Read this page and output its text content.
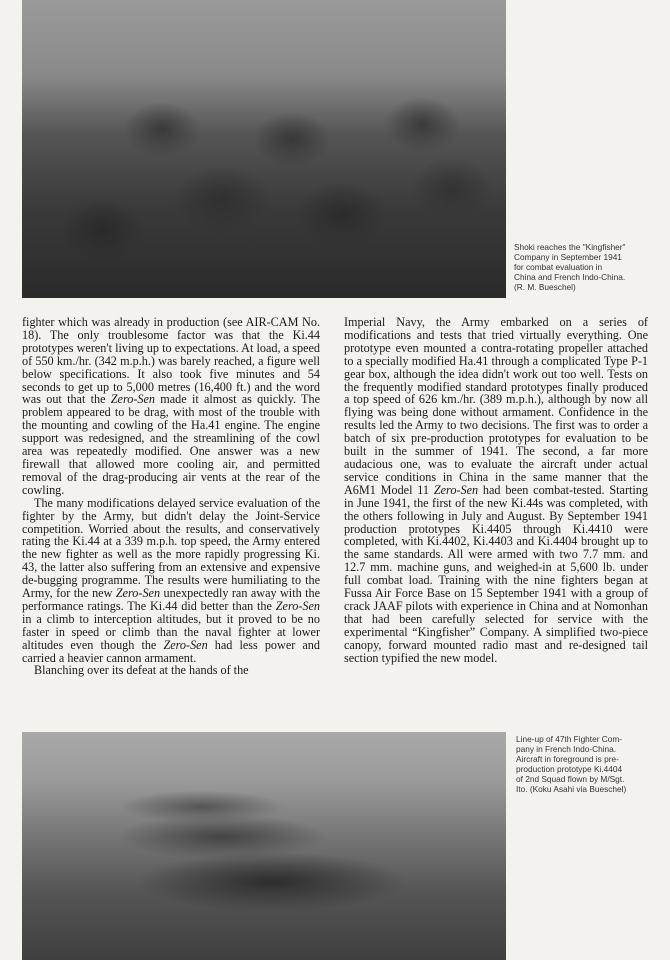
Shoki reaches the "Kingfisher"
Company in September 1941
for combat evaluation in
China and French Indo-China.
(R. M. Bueschel)

fighter which was already in production (see AIR-CAM No. 18). The only troublesome factor was that the Ki.44 prototypes weren't living up to expectations. At load, a speed of 550 km./hr. (342 m.p.h.) was barely reached, a figure well below specifications. It also took five minutes and 54 seconds to get up to 5,000 metres (16,400 ft.) and the word was out that the Zero-Sen made it almost as quickly. The problem appeared to be drag, with most of the trouble with the mounting and cowling of the Ha.41 engine. The engine support was redesigned, and the streamlining of the cowl area was repeatedly modified. One answer was a new firewall that allowed more cooling air, and permitted removal of the drag-producing air vents at the rear of the cowling.

The many modifications delayed service evaluation of the fighter by the Army, but didn't delay the Joint-Service competition. Worried about the results, and conservatively rating the Ki.44 at a 339 m.p.h. top speed, the Army entered the new fighter as well as the more rapidly progressing Ki. 43, the latter also suffering from an extensive and expensive de-bugging programme. The results were humiliating to the Army, for the new Zero-Sen unexpectedly ran away with the performance ratings. The Ki.44 did better than the Zero-Sen in a climb to interception altitudes, but it proved to be no faster in speed or climb than the naval fighter at lower altitudes even though the Zero-Sen had less power and carried a heavier cannon armament.

Blanching over its defeat at the hands of the

Imperial Navy, the Army embarked on a series of modifications and tests that tried virtually everything. One prototype even mounted a contra-rotating propeller attached to a specially modified Ha.41 through a complicated Type P-1 gear box, although the idea didn't work out too well. Tests on the frequently modified standard prototypes finally produced a top speed of 626 km./hr. (389 m.p.h.), although by now all flying was being done without armament. Confidence in the results led the Army to two decisions. The first was to order a batch of six pre-production prototypes for evaluation to be built in the summer of 1941. The second, a far more audacious one, was to evaluate the aircraft under actual service conditions in China in the same manner that the A6M1 Model 11 Zero-Sen had been combat-tested. Starting in June 1941, the first of the new Ki.44s was completed, with the others following in July and August. By September 1941 production prototypes Ki.4405 through Ki.4410 were completed, with Ki.4402, Ki.4403 and Ki.4404 brought up to the same standards. All were armed with two 7.7 mm. and 12.7 mm. machine guns, and weighed-in at 5,600 lb. under full combat load. Training with the nine fighters began at Fussa Air Force Base on 15 September 1941 with a group of crack JAAF pilots with experience in China and at Nomonhan that had been carefully selected for service with the experimental “Kingfisher” Company. A simplified two-piece canopy, forward mounted radio mast and re-designed tail section typified the new model.

Line-up of 47th Fighter Com-
pany in French Indo-China.
Aircraft in foreground is pre-
production prototype Ki.4404
of 2nd Squad flown by M/Sgt.
Ito. (Koku Asahi via Bueschel)
